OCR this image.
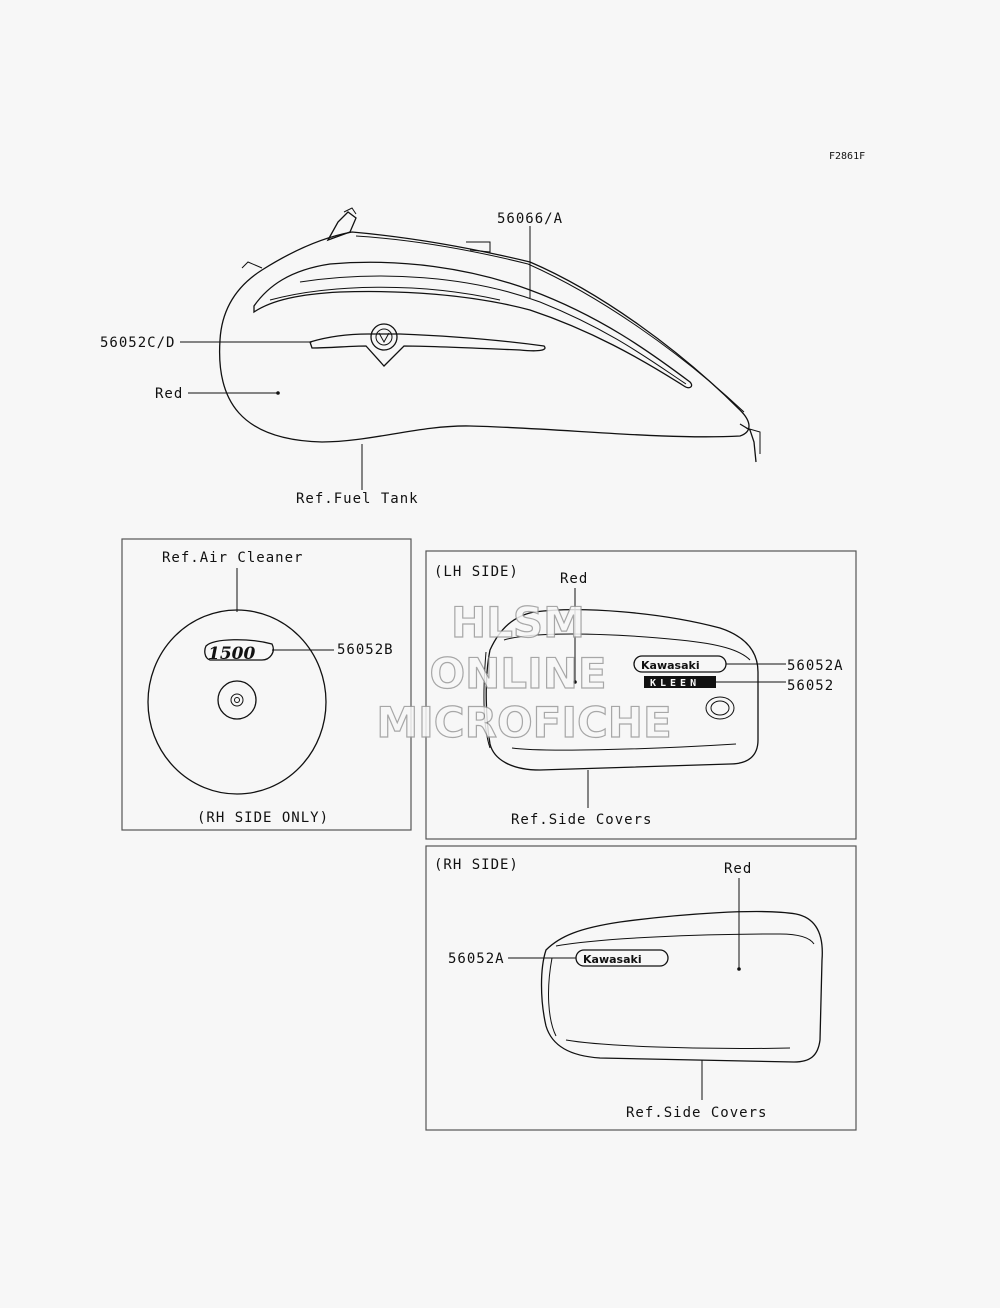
F2861F
56066/A
56052C/D
Red
Ref.Fuel Tank
Ref.Air Cleaner
1500	56052B
(RH SIDE ONLY)
(LH SIDE)
Kawasaki
KLEEN
Red
56052A
56052
Ref.Side Covers
(RH SIDE)
Kawasaki
Red
56052A
Ref.Side Covers
HLSM
ONLINE
MICROFICHE
